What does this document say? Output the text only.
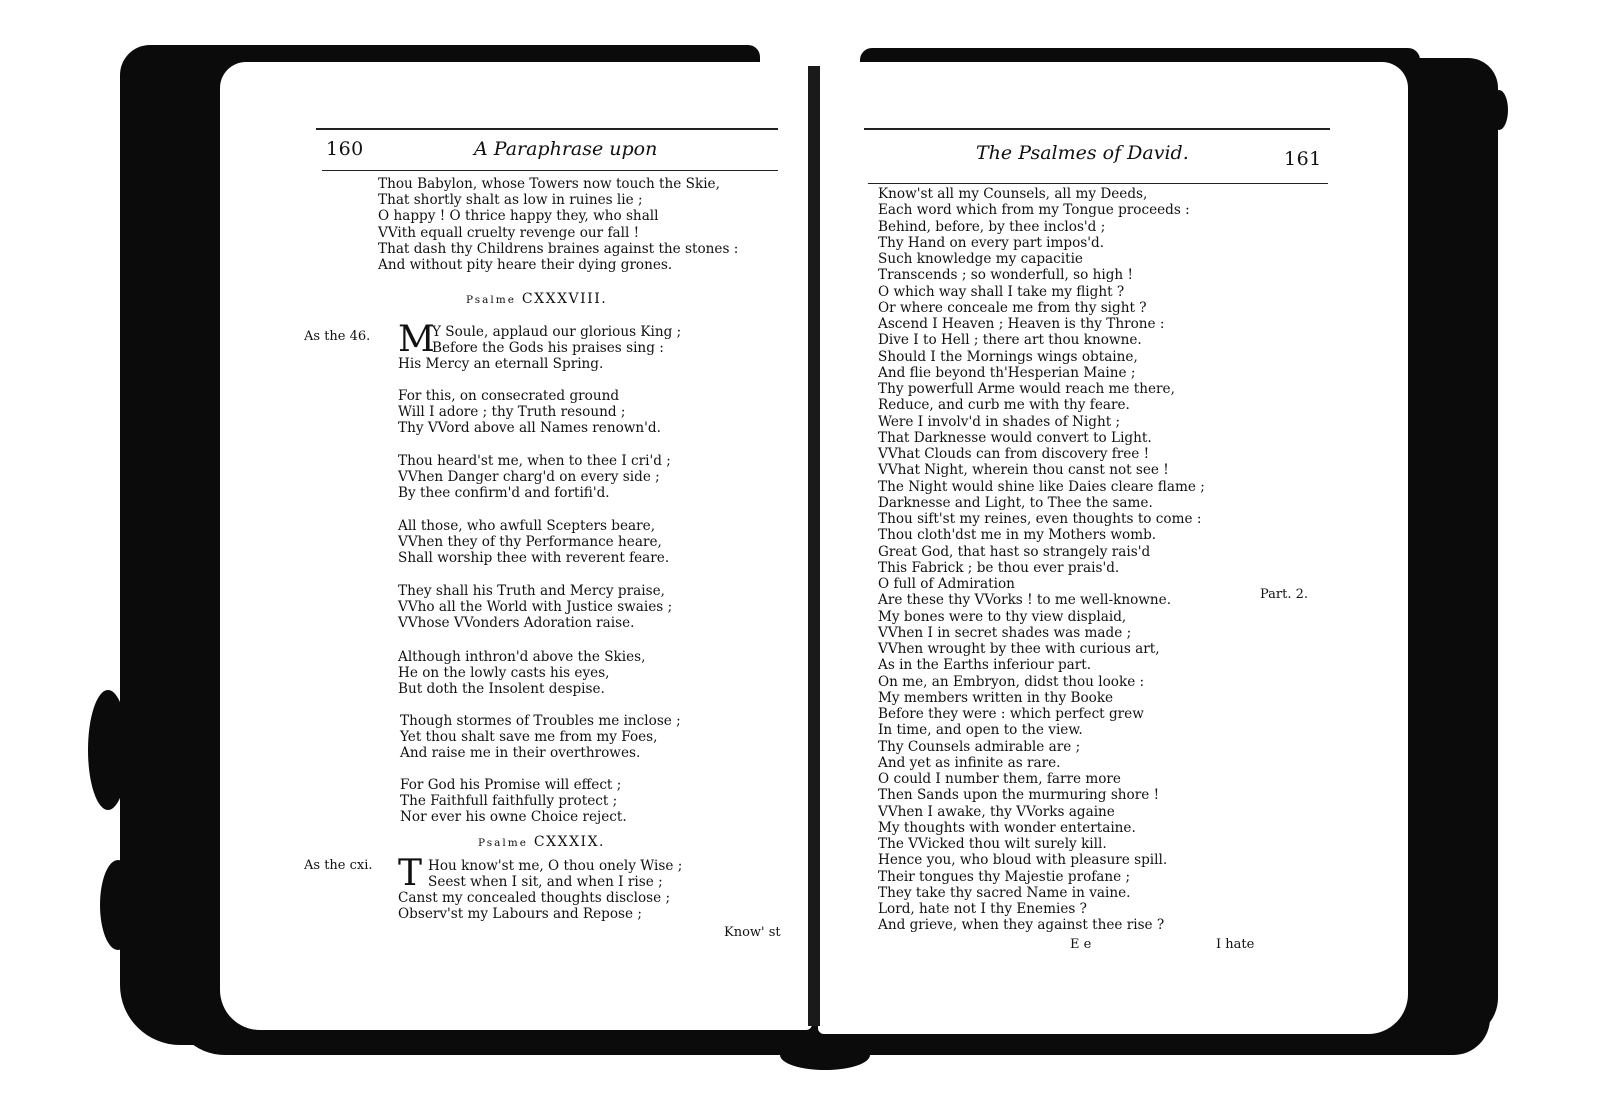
160	A Paraphrase upon
Thou Babylon, whose Towers now touch the Skie,
That shortly shalt as low in ruines lie ;
O happy ! O thrice happy they, who shall
VVith equall cruelty revenge our fall !
That dash thy Childrens braines against the stones :
And without pity heare their dying grones.
Psalme CXXXVIII.
As the 46. M
Y Soule, applaud our glorious King ;
Before the Gods his praises sing :
His Mercy an eternall Spring.
For this, on consecrated ground
Will I adore ; thy Truth resound ;
Thy VVord above all Names renown'd.
Thou heard'st me, when to thee I cri'd ;
VVhen Danger charg'd on every side ;
By thee confirm'd and fortifi'd.
All those, who awfull Scepters beare,
VVhen they of thy Performance heare,
Shall worship thee with reverent feare.
They shall his Truth and Mercy praise,
VVho all the World with Justice swaies ;
VVhose VVonders Adoration raise.
Although inthron'd above the Skies,
He on the lowly casts his eyes,
But doth the Insolent despise.
Though stormes of Troubles me inclose ;
Yet thou shalt save me from my Foes,
And raise me in their overthrowes.
For God his Promise will effect ;
The Faithfull faithfully protect ;
Nor ever his owne Choice reject.
Psalme CXXXIX.
As the cxi. T Hou know'st me, O thou onely Wise ;
Seest when I sit, and when I rise ;
Canst my concealed thoughts disclose ;
Observ'st my Labours and Repose ;
Know' st
The Psalmes of David.	161
Know'st all my Counsels, all my Deeds,
Each word which from my Tongue proceeds :
Behind, before, by thee inclos'd ;
Thy Hand on every part impos'd.
Such knowledge my capacitie
Transcends ; so wonderfull, so high !
O which way shall I take my flight ?
Or where conceale me from thy sight ?
Ascend I Heaven ; Heaven is thy Throne :
Dive I to Hell ; there art thou knowne.
Should I the Mornings wings obtaine,
And flie beyond th'Hesperian Maine ;
Thy powerfull Arme would reach me there,
Reduce, and curb me with thy feare.
Were I involv'd in shades of Night ;
That Darknesse would convert to Light.
VVhat Clouds can from discovery free !
VVhat Night, wherein thou canst not see !
The Night would shine like Daies cleare flame ;
Darknesse and Light, to Thee the same.
Thou sift'st my reines, even thoughts to come :
Thou cloth'dst me in my Mothers womb.
Great God, that hast so strangely rais'd
This Fabrick ; be thou ever prais'd.
O full of Admiration
Are these thy VVorks ! to me well-knowne.
My bones were to thy view displaid,
VVhen I in secret shades was made ;
VVhen wrought by thee with curious art,
As in the Earths inferiour part.
On me, an Embryon, didst thou looke :
My members written in thy Booke
Before they were : which perfect grew
In time, and open to the view.
Thy Counsels admirable are ;
And yet as infinite as rare.
O could I number them, farre more
Then Sands upon the murmuring shore !
VVhen I awake, thy VVorks againe
My thoughts with wonder entertaine.
The VVicked thou wilt surely kill.
Hence you, who bloud with pleasure spill.
Their tongues thy Majestie profane ;
They take thy sacred Name in vaine.
Lord, hate not I thy Enemies ?
And grieve, when they against thee rise ?
Part. 2.
E e	I hate
